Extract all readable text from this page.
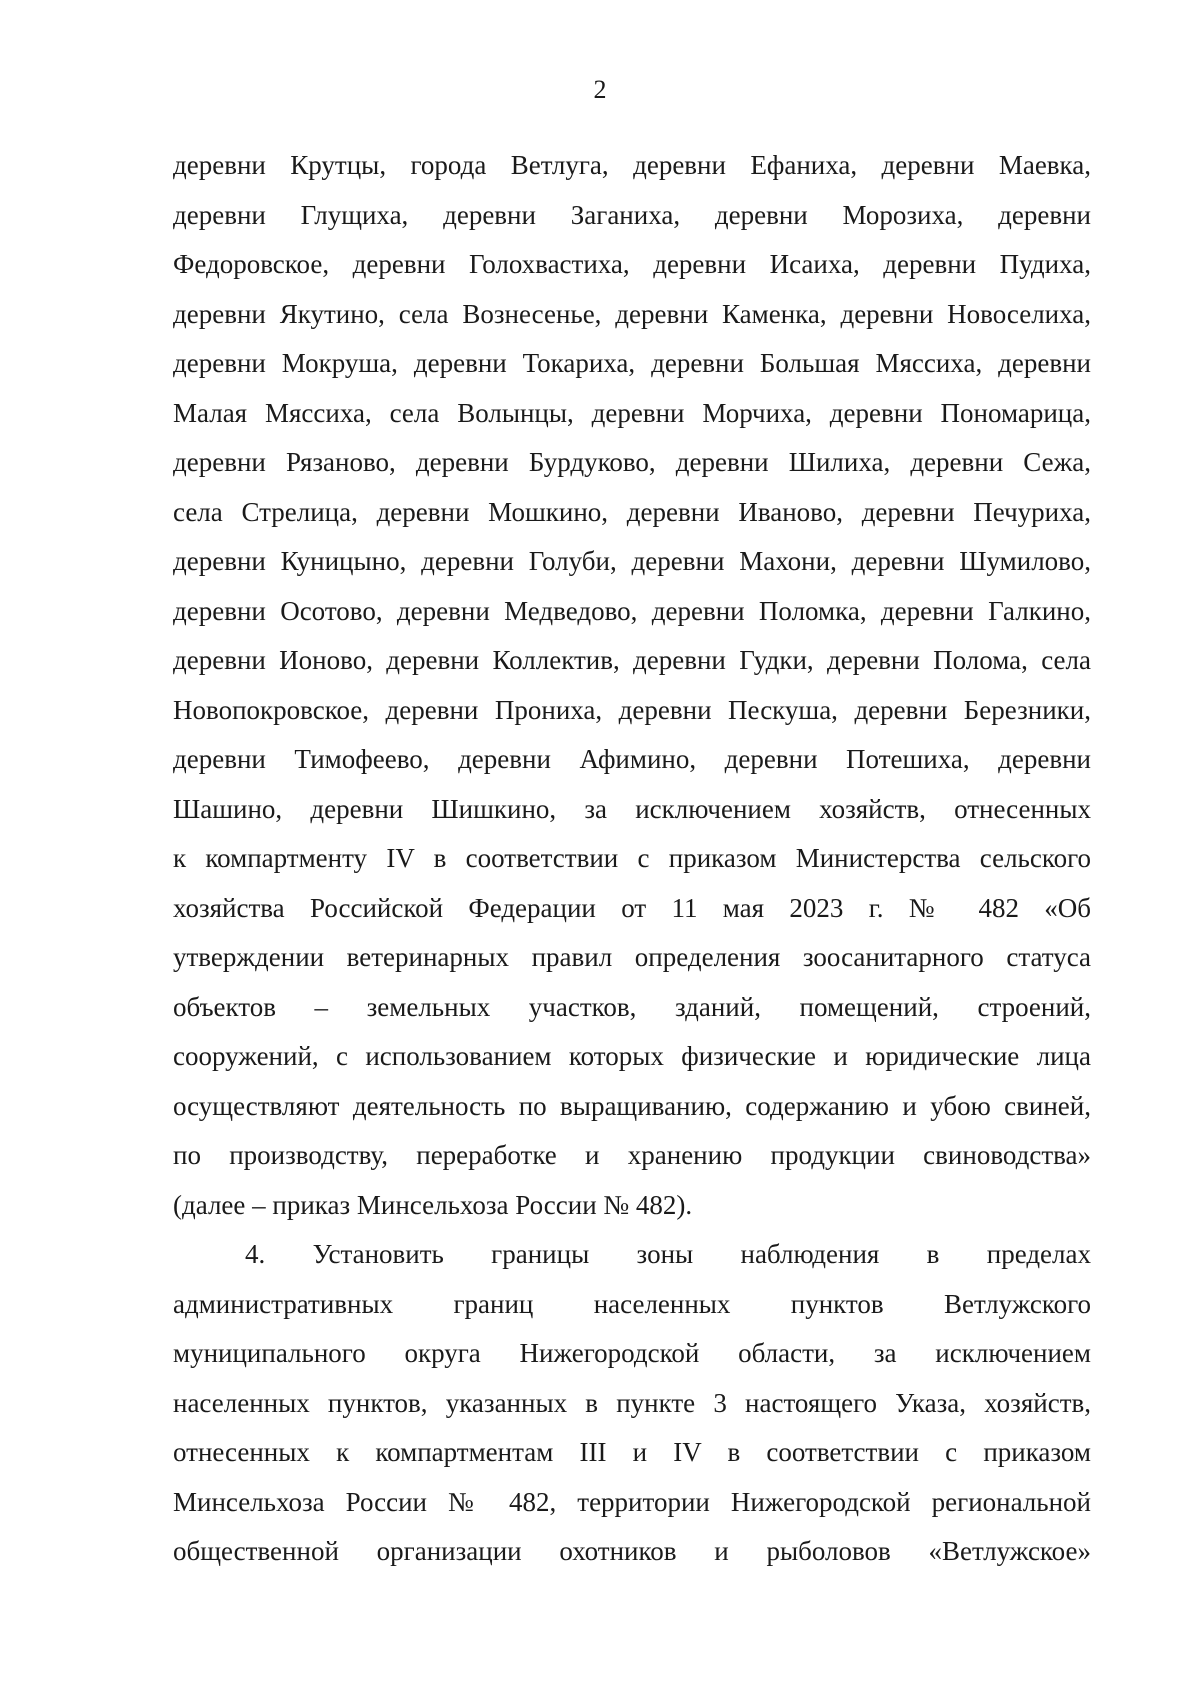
2
деревни Крутцы, города Ветлуга, деревни Ефаниха, деревни Маевка,
деревни Глущиха, деревни Заганиха, деревни Морозиха, деревни
Федоровское, деревни Голохвастиха, деревни Исаиха, деревни Пудиха,
деревни Якутино, села Вознесенье, деревни Каменка, деревни Новоселиха,
деревни Мокруша, деревни Токариха, деревни Большая Мяссиха, деревни
Малая Мяссиха, села Волынцы, деревни Морчиха, деревни Пономарица,
деревни Рязаново, деревни Бурдуково, деревни Шилиха, деревни Сежа,
села Стрелица, деревни Мошкино, деревни Иваново, деревни Печуриха,
деревни Куницыно, деревни Голуби, деревни Махони, деревни Шумилово,
деревни Осотово, деревни Медведово, деревни Поломка, деревни Галкино,
деревни Ионово, деревни Коллектив, деревни Гудки, деревни Полома, села
Новопокровское, деревни Прониха, деревни Пескуша, деревни Березники,
деревни Тимофеево, деревни Афимино, деревни Потешиха, деревни
Шашино, деревни Шишкино, за исключением хозяйств, отнесенных
к компартменту IV в соответствии с приказом Министерства сельского
хозяйства Российской Федерации от 11 мая 2023 г. № 482 «Об
утверждении ветеринарных правил определения зоосанитарного статуса
объектов – земельных участков, зданий, помещений, строений,
сооружений, с использованием которых физические и юридические лица
осуществляют деятельность по выращиванию, содержанию и убою свиней,
по производству, переработке и хранению продукции свиноводства»
(далее – приказ Минсельхоза России № 482).
4. Установить границы зоны наблюдения в пределах
административных границ населенных пунктов Ветлужского
муниципального округа Нижегородской области, за исключением
населенных пунктов, указанных в пункте 3 настоящего Указа, хозяйств,
отнесенных к компартментам III и IV в соответствии с приказом
Минсельхоза России № 482, территории Нижегородской региональной
общественной организации охотников и рыболовов «Ветлужское»
